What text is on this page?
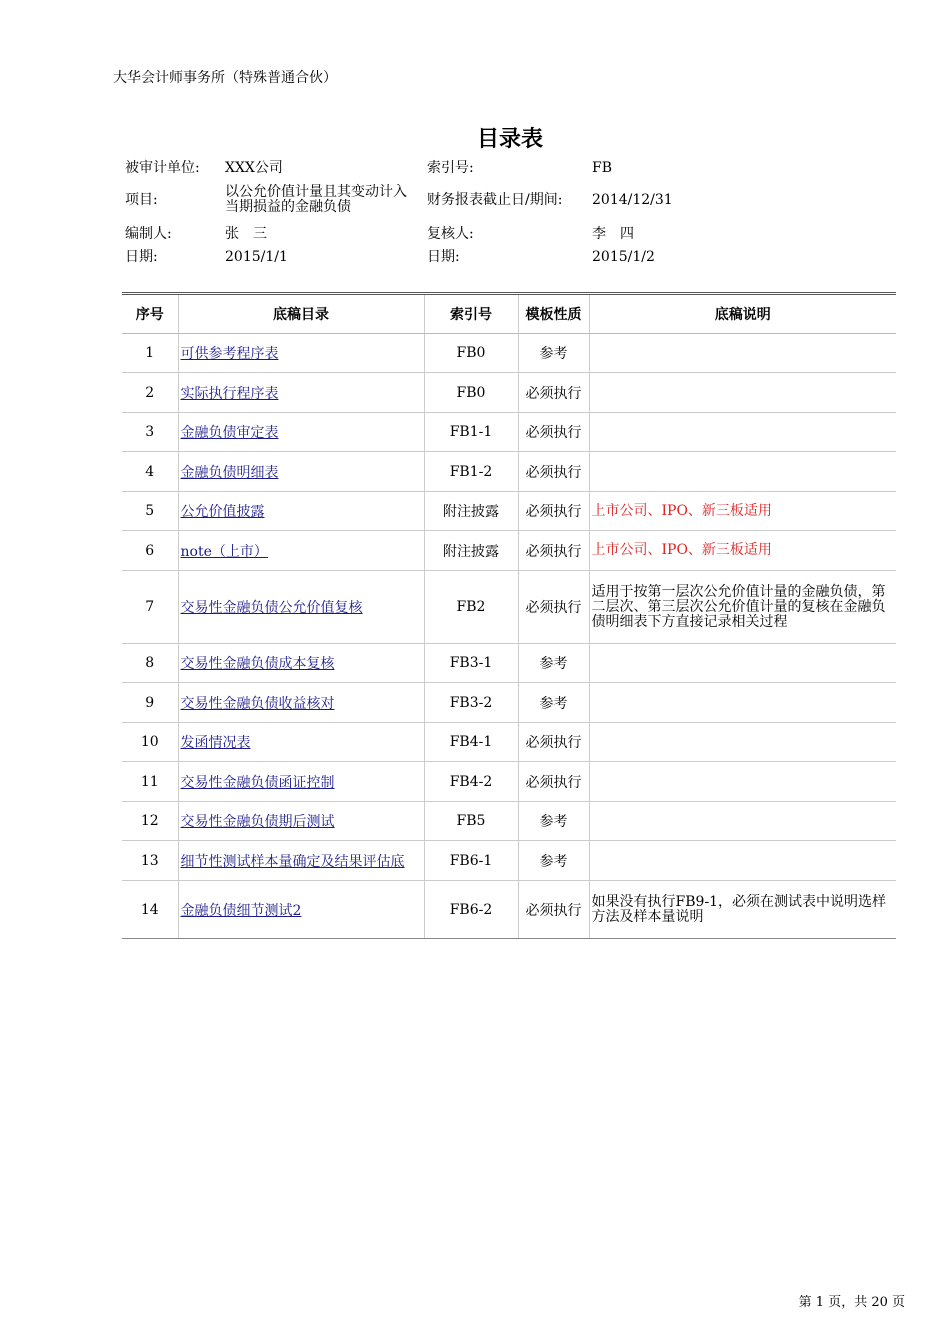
大华会计师事务所（特殊普通合伙）
目录表
被审计单位: XXX公司	索引号:	FB
项目:	以公允价值计量且其变动计入当期损益的金融负债	财务报表截止日/期间: 2014/12/31
编制人:	张　三	复核人:	李　四
日期:	2015/1/1	日期:	2015/1/2
序号	底稿目录	索引号	模板性质	底稿说明
1	可供参考程序表	FB0	参考	
2	实际执行程序表	FB0	必须执行	
3	金融负债审定表	FB1-1	必须执行	
4	金融负债明细表	FB1-2	必须执行	
5	公允价值披露	附注披露	必须执行	上市公司、IPO、新三板适用
6	note（上市）	附注披露	必须执行	上市公司、IPO、新三板适用
7	交易性金融负债公允价值复核	FB2	必须执行	适用于按第一层次公允价值计量的金融负债，第二层次、第三层次公允价值计量的复核在金融负债明细表下方直接记录相关过程
8	交易性金融负债成本复核	FB3-1	参考	
9	交易性金融负债收益核对	FB3-2	参考	
10	发函情况表	FB4-1	必须执行	
11	交易性金融负债函证控制	FB4-2	必须执行	
12	交易性金融负债期后测试	FB5	参考	
13	细节性测试样本量确定及结果评估底	FB6-1	参考	
14	金融负债细节测试2	FB6-2	必须执行	如果没有执行FB9-1，必须在测试表中说明选样方法及样本量说明
第 1 页，共 20 页
